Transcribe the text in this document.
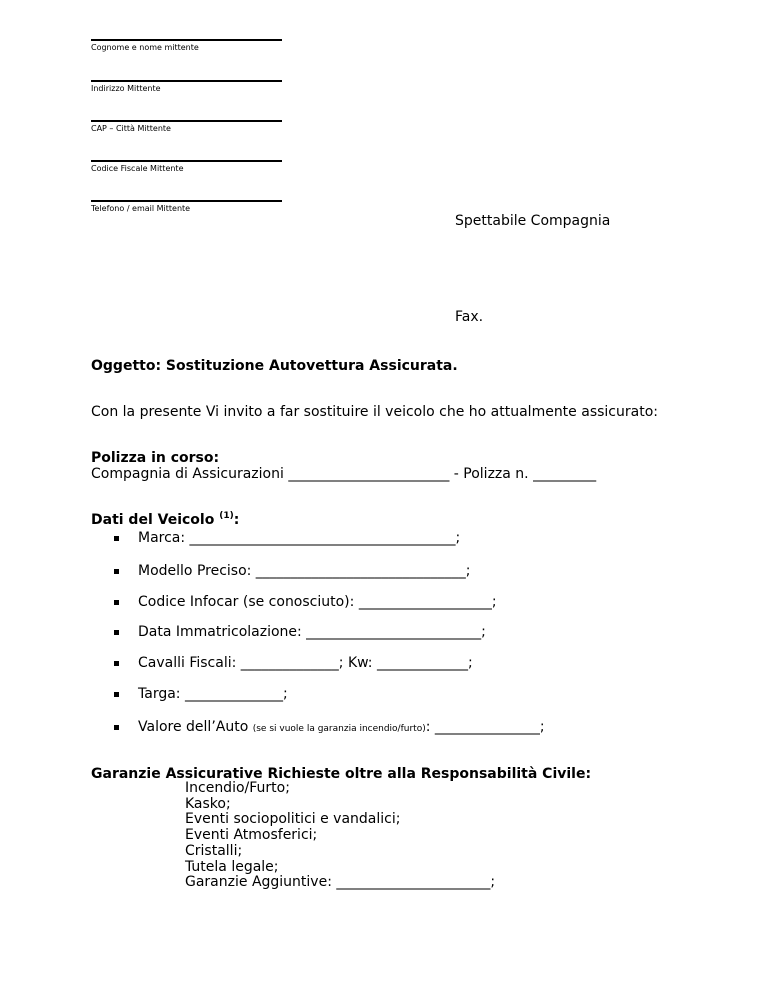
Cognome e nome mittente
Indirizzo Mittente
CAP – Città Mittente
Codice Fiscale Mittente
Telefono / email Mittente
Spettabile Compagnia
Fax.
Oggetto: Sostituzione Autovettura Assicurata.
Con la presente Vi invito a far sostituire il veicolo che ho attualmente assicurato:
Polizza in corso:
Compagnia di Assicurazioni _______________________ - Polizza n. _________
Dati del Veicolo $^{(1)}$:
Marca: ______________________________________;
Modello Preciso: ______________________________;
Codice Infocar (se conosciuto): ___________________;
Data Immatricolazione: _________________________;
Cavalli Fiscali: ______________; Kw: _____________;
Targa: ______________;
Valore dell’Auto (se si vuole la garanzia incendio/furto): _______________;
Garanzie Assicurative Richieste oltre alla Responsabilità Civile:
Incendio/Furto;
Kasko;
Eventi sociopolitici e vandalici;
Eventi Atmosferici;
Cristalli;
Tutela legale;
Garanzie Aggiuntive: ______________________;
